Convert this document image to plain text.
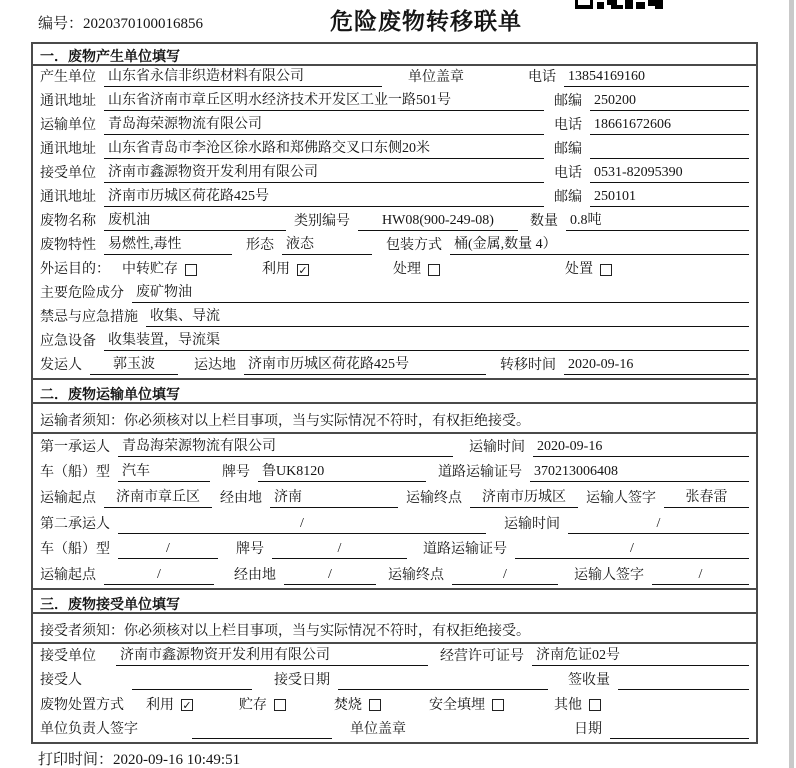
编号：2020370100016856	危险废物转移联单
一．废物产生单位填写
产生单位 山东省永信非织造材料有限公司	单位盖章	电话 13854169160
通讯地址 山东省济南市章丘区明水经济技术开发区工业一路501号	邮编 250200
运输单位 青岛海荣源物流有限公司	电话 18661672606
通讯地址 山东省青岛市李沧区徐水路和郑佛路交叉口东侧20米	邮编
接受单位 济南市鑫源物资开发利用有限公司	电话 0531-82095390
通讯地址 济南市历城区荷花路425号	邮编 250101
废物名称 废机油	类别编号	HW08(900-249-08)	数量 0.8吨
废物特性 易燃性,毒性	形态 液态	包装方式 桶(金属,数量 4）
外运目的： 中转贮存	利用 ✓	处理	处置
主要危险成分 废矿物油
禁忌与应急措施 收集、导流
应急设备 收集装置，导流渠
发运人	郭玉波	运达地 济南市历城区荷花路425号	转移时间 2020-09-16
二．废物运输单位填写
运输者须知：你必须核对以上栏目事项，当与实际情况不符时，有权拒绝接受。
第一承运人 青岛海荣源物流有限公司	运输时间 2020-09-16
车（船）型 汽车	牌号 鲁UK8120	道路运输证号 370213006408
运输起点	济南市章丘区	经由地 济南	运输终点	济南市历城区	运输人签字	张春雷
第二承运人	/	运输时间	/
车（船）型	/	牌号	/	道路运输证号	/
运输起点	/	经由地	/	运输终点	/	运输人签字	/
三．废物接受单位填写
接受者须知：你必须核对以上栏目事项，当与实际情况不符时，有权拒绝接受。
接受单位 济南市鑫源物资开发利用有限公司	经营许可证号 济南危证02号
接受人	接受日期	签收量
废物处置方式 利用 ✓	贮存	焚烧	安全填埋	其他
单位负责人签字	单位盖章	日期
打印时间：2020-09-16 10:49:51
